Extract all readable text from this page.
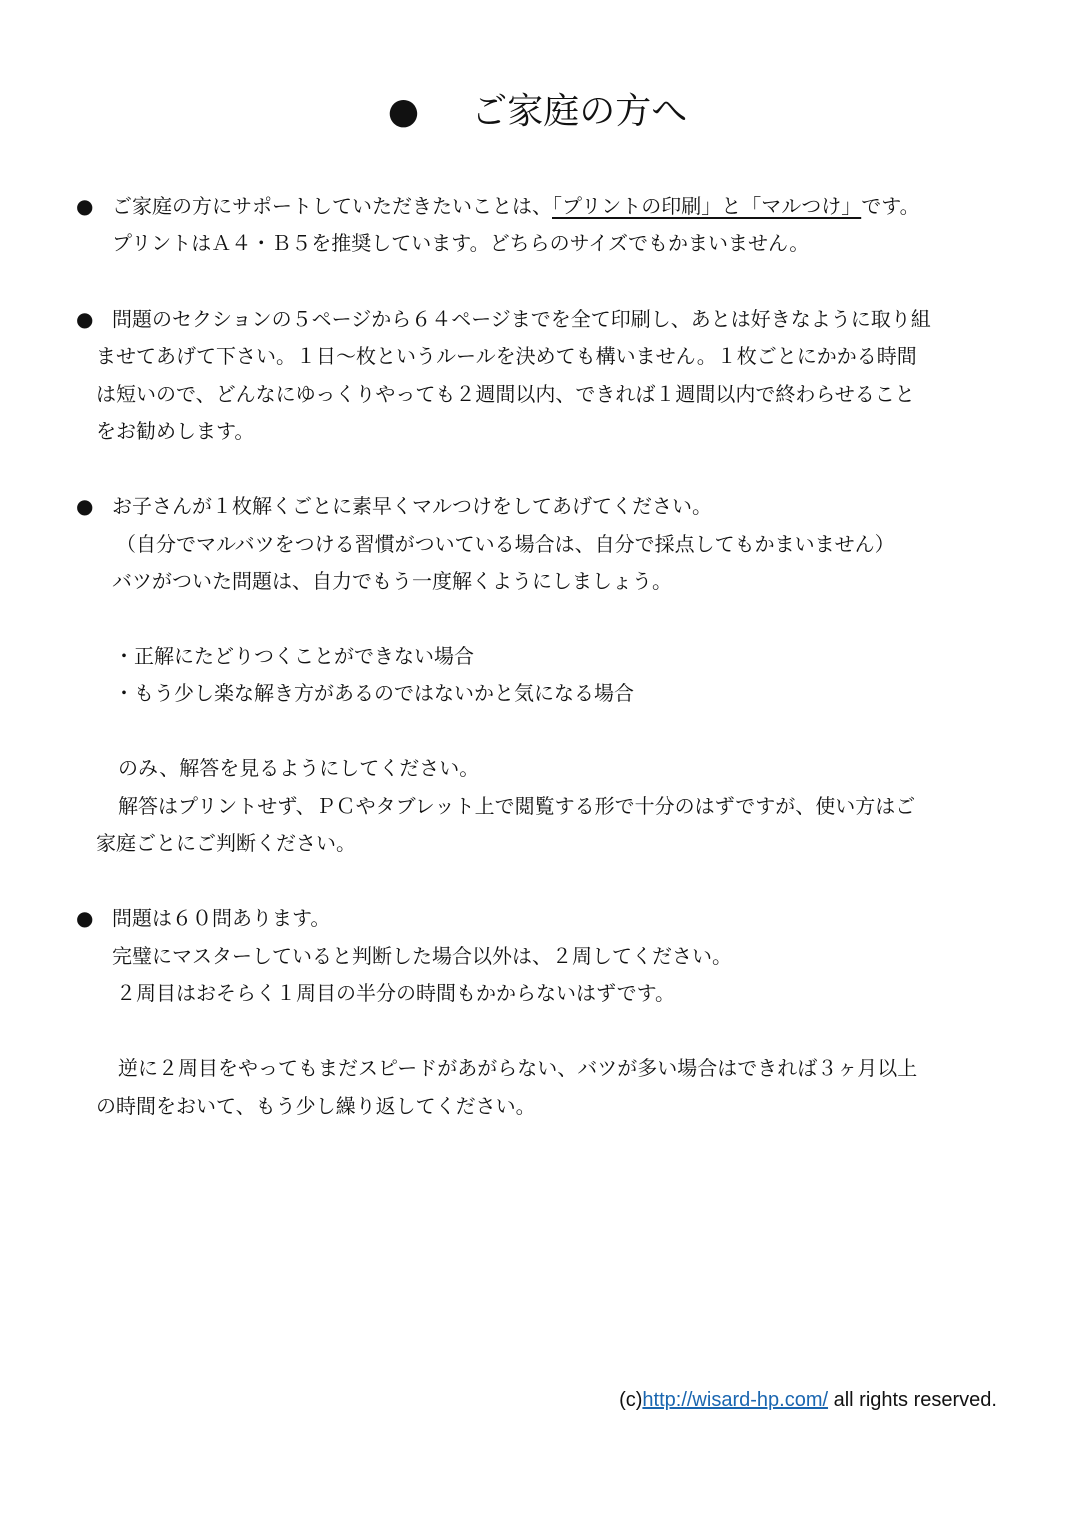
● ご家庭の方へ
● ご家庭の方にサポートしていただきたいことは、「プリントの印刷」と「マルつけ」です。
プリントはＡ４・Ｂ５を推奨しています。どちらのサイズでもかまいません。
● 問題のセクションの５ページから６４ページまでを全て印刷し、あとは好きなように取り組
ませてあげて下さい。１日～枚というルールを決めても構いません。１枚ごとにかかる時間
は短いので、どんなにゆっくりやっても２週間以内、できれば１週間以内で終わらせること
をお勧めします。
● お子さんが１枚解くごとに素早くマルつけをしてあげてください。
（自分でマルバツをつける習慣がついている場合は、自分で採点してもかまいません）
バツがついた問題は、自力でもう一度解くようにしましょう。
・正解にたどりつくことができない場合
・もう少し楽な解き方があるのではないかと気になる場合
のみ、解答を見るようにしてください。
解答はプリントせず、ＰＣやタブレット上で閲覧する形で十分のはずですが、使い方はご
家庭ごとにご判断ください。
● 問題は６０問あります。
完璧にマスターしていると判断した場合以外は、２周してください。
２周目はおそらく１周目の半分の時間もかからないはずです。
逆に２周目をやってもまだスピードがあがらない、バツが多い場合はできれば３ヶ月以上
の時間をおいて、もう少し繰り返してください。
(c)http://wisard-hp.com/ all rights reserved.
